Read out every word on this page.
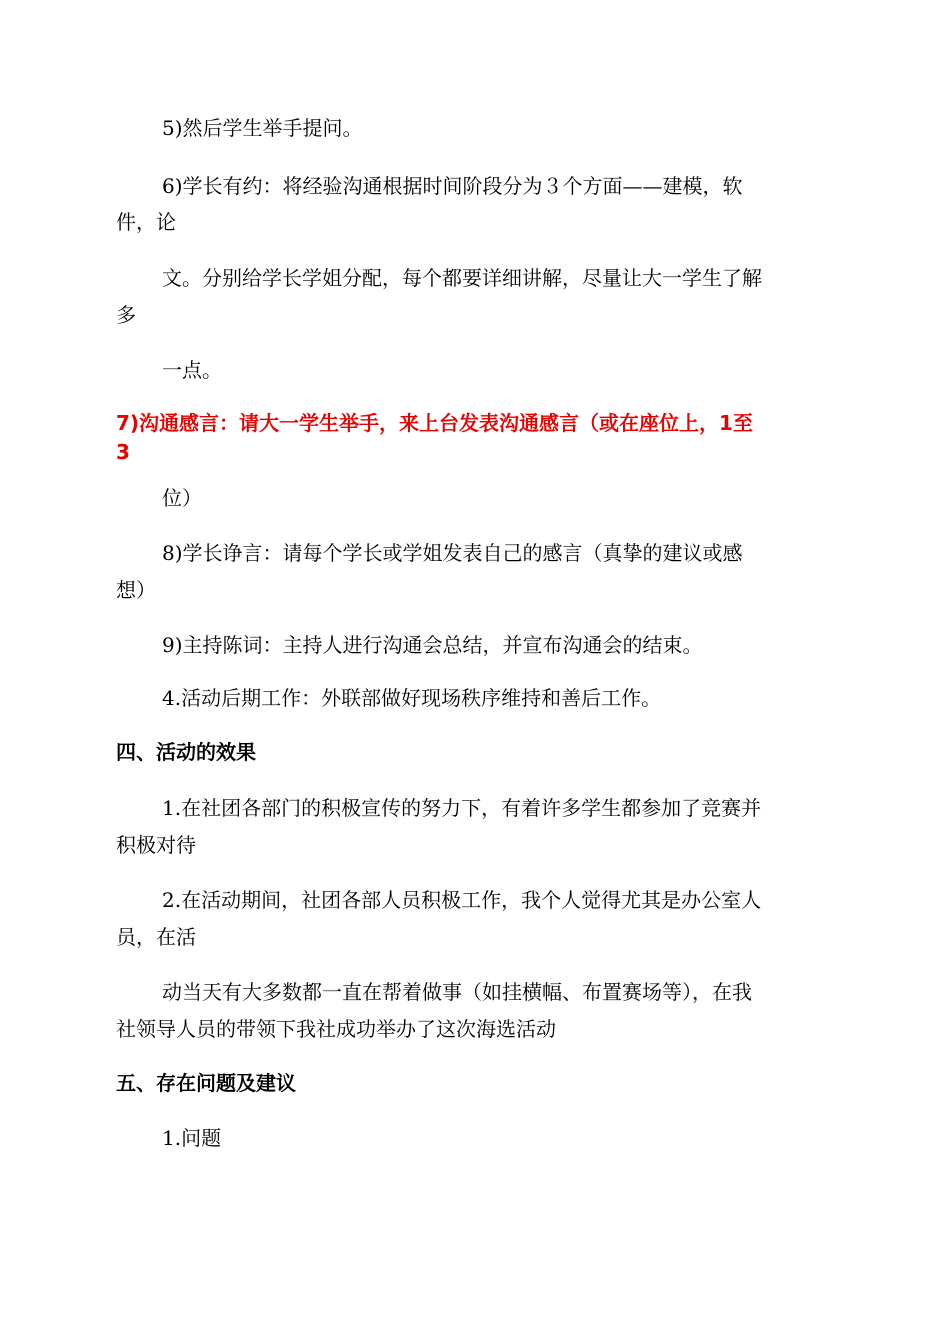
5)然后学生举手提问。

6)学长有约：将经验沟通根据时间阶段分为３个方面——建模，软

件，论

文。分别给学长学姐分配，每个都要详细讲解，尽量让大一学生了解

多

一点。

7)沟通感言：请大一学生举手，来上台发表沟通感言（或在座位上，1至

3

位）

8)学长诤言：请每个学长或学姐发表自己的感言（真挚的建议或感

想）

9)主持陈词：主持人进行沟通会总结，并宣布沟通会的结束。

4.活动后期工作：外联部做好现场秩序维持和善后工作。

四、活动的效果

1.在社团各部门的积极宣传的努力下，有着许多学生都参加了竞赛并

积极对待

2.在活动期间，社团各部人员积极工作，我个人觉得尤其是办公室人

员，在活

动当天有大多数都一直在帮着做事（如挂横幅、布置赛场等），在我

社领导人员的带领下我社成功举办了这次海选活动

五、存在问题及建议

1.问题
